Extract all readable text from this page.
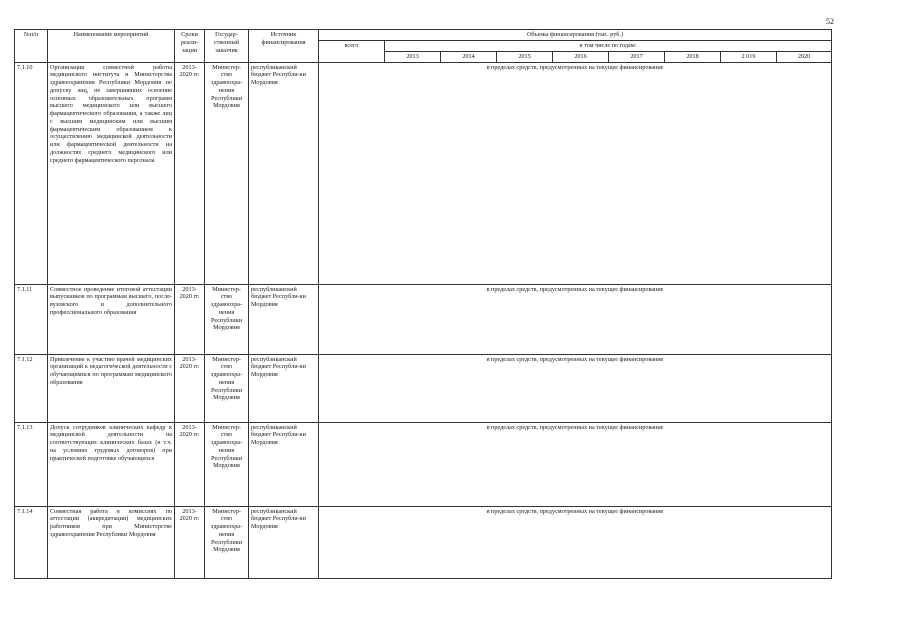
52
№п/п	Наименование мероприятий	Сроки реали-зации	Государ-ственный заказчик	Источник финансирования	Объемы финансирования (тыс. руб.)								
					всего	в том числе по годам:							
						2013	2014	2015	2016	2017	2018	2 019	2020
7.1.10	Организация совместной работы медицинского института и Министерства здравоохранения Республики Мордовия по допуску лиц, не завершивших освоение основных образовательных программ высшего медицинского или высшего фармацевтического образования, а также лиц с высшим медицинским или высшим фармацевтическим образованием к осуществлению медицинской деятельности или фармацевтической деятельности на должностях среднего медицинского или среднего фармацевтического персонала	2013-2020 гг.	Министер-ство здравоохра-нения Республики Мордовия	республиканский бюджет Республи-ки Мордовия	в пределах средств, предусмотренных на текущее финансирование								
7.1.11	Совместное проведение итоговой аттестации выпускников по программам высшего, после-вузовского и дополнительного профессионального образования	2013-2020 гг.	Министер-ство здравоохра-нения Республики Мордовия	республиканский бюджет Республи-ки Мордовия	в пределах средств, предусмотренных на текущее финансирование								
7.1.12	Привлечение к участию врачей медицинских организаций к педагогической деятельности с обучающимися по программам медицинского образования	2013-2020 гг.	Министер-ство здравоохра-нения Республики Мордовия	республиканский бюджет Республи-ки Мордовия	в пределах средств, предусмотренных на текущее финансирование								
7.1.13	Допуск сотрудников клинических кафедр к медицинской деятельности на соответствующих клинических базах (в т.ч. на условиях трудовых договоров) при практической подготовке обучающихся	2013-2020 гг.	Министер-ство здравоохра-нения Республики Мордовия	республиканский бюджет Республи-ки Мордовия	в пределах средств, предусмотренных на текущее финансирование								
7.1.14	Совместная работа в комиссиях по аттестации (аккредитации) медицинских работников при Министерстве здравоохранения Республики Мордовия	2013-2020 гг.	Министер-ство здравоохра-нения Республики Мордовия	республиканский бюджет Республи-ки Мордовия	в пределах средств, предусмотренных на текущее финансирование								
